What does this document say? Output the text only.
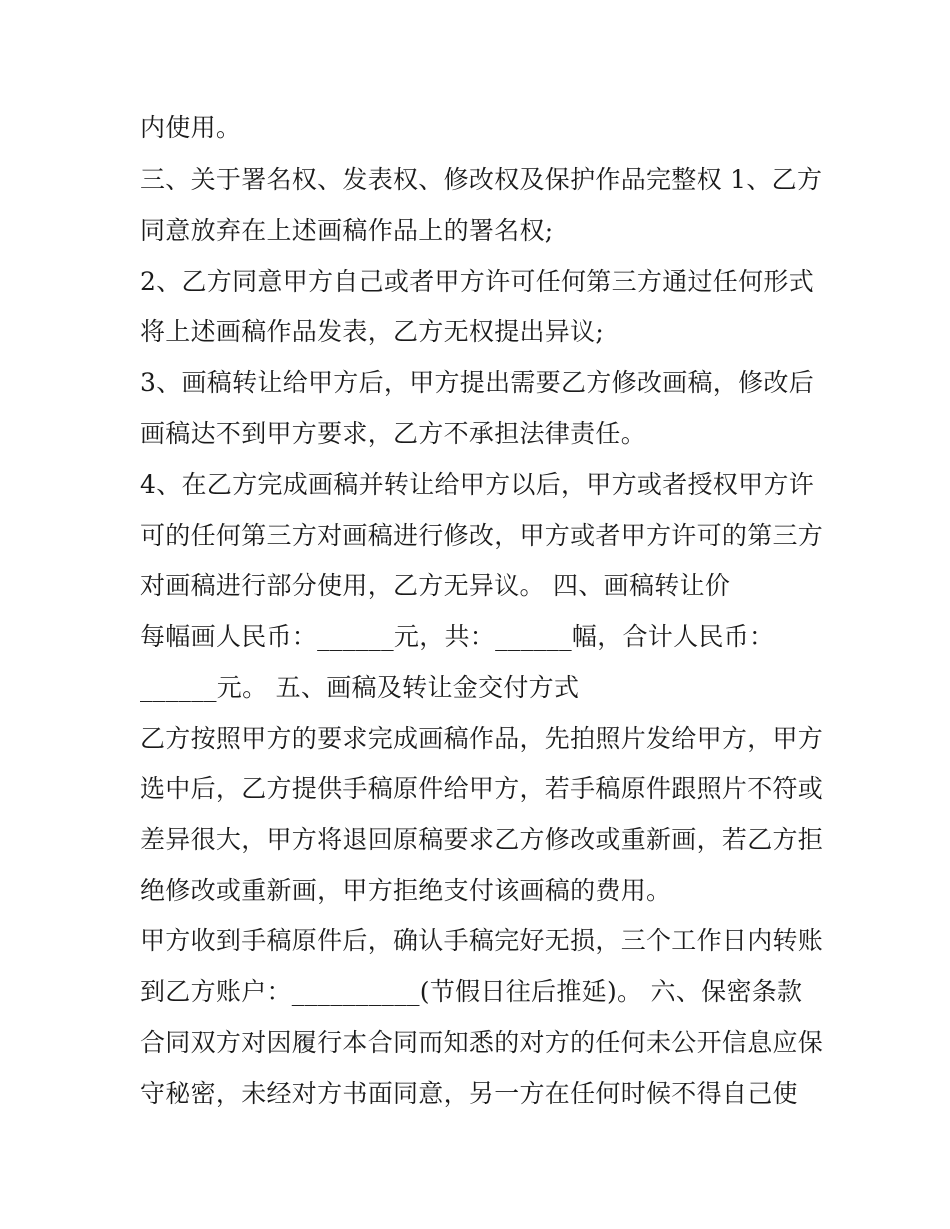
内使用。
三、关于署名权、发表权、修改权及保护作品完整权 1、乙方
同意放弃在上述画稿作品上的署名权;
2、乙方同意甲方自己或者甲方许可任何第三方通过任何形式
将上述画稿作品发表，乙方无权提出异议;
3、画稿转让给甲方后，甲方提出需要乙方修改画稿，修改后
画稿达不到甲方要求，乙方不承担法律责任。
4、在乙方完成画稿并转让给甲方以后，甲方或者授权甲方许
可的任何第三方对画稿进行修改，甲方或者甲方许可的第三方
对画稿进行部分使用，乙方无异议。 四、画稿转让价
每幅画人民币：______元，共：______幅，合计人民币：
______元。 五、画稿及转让金交付方式
乙方按照甲方的要求完成画稿作品，先拍照片发给甲方，甲方
选中后，乙方提供手稿原件给甲方，若手稿原件跟照片不符或
差异很大，甲方将退回原稿要求乙方修改或重新画，若乙方拒
绝修改或重新画，甲方拒绝支付该画稿的费用。
甲方收到手稿原件后，确认手稿完好无损，三个工作日内转账
到乙方账户：__________(节假日往后推延)。 六、保密条款
合同双方对因履行本合同而知悉的对方的任何未公开信息应保
守秘密，未经对方书面同意，另一方在任何时候不得自己使
